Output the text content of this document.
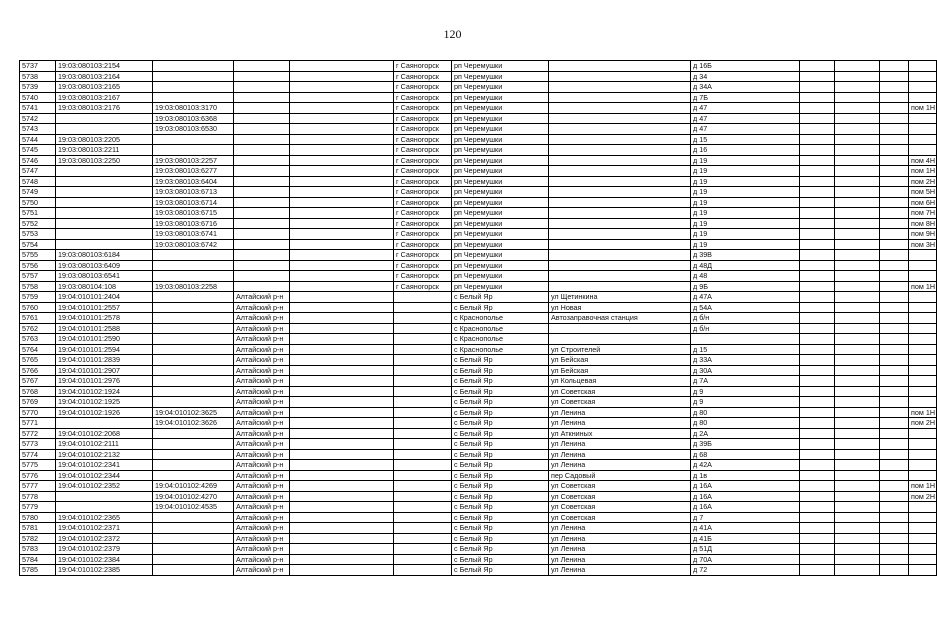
120
5737	19:03:080103:2154				г Саяногорск	рп Черемушки		д 16Б				
5738	19:03:080103:2164				г Саяногорск	рп Черемушки		д 34				
5739	19:03:080103:2165				г Саяногорск	рп Черемушки		д 34А				
5740	19:03:080103:2167				г Саяногорск	рп Черемушки		д 7Б				
5741	19:03:080103:2176	19:03:080103:3170			г Саяногорск	рп Черемушки		д 47				пом 1Н
5742		19:03:080103:6368			г Саяногорск	рп Черемушки		д 47				
5743		19:03:080103:6530			г Саяногорск	рп Черемушки		д 47				
5744	19:03:080103:2205				г Саяногорск	рп Черемушки		д 15				
5745	19:03:080103:2211				г Саяногорск	рп Черемушки		д 16				
5746	19:03:080103:2250	19:03:080103:2257			г Саяногорск	рп Черемушки		д 19				пом 4Н
5747		19:03:080103:6277			г Саяногорск	рп Черемушки		д 19				пом 1Н
5748		19:03:080103:6404			г Саяногорск	рп Черемушки		д 19				пом 2Н
5749		19:03:080103:6713			г Саяногорск	рп Черемушки		д 19				пом 5Н
5750		19:03:080103:6714			г Саяногорск	рп Черемушки		д 19				пом 6Н
5751		19:03:080103:6715			г Саяногорск	рп Черемушки		д 19				пом 7Н
5752		19:03:080103:6716			г Саяногорск	рп Черемушки		д 19				пом 8Н
5753		19:03:080103:6741			г Саяногорск	рп Черемушки		д 19				пом 9Н
5754		19:03:080103:6742			г Саяногорск	рп Черемушки		д 19				пом 3Н
5755	19:03:080103:6184				г Саяногорск	рп Черемушки		д 39В				
5756	19:03:080103:6409				г Саяногорск	рп Черемушки		д 48Д				
5757	19:03:080103:6541				г Саяногорск	рп Черемушки		д 48				
5758	19:03:080104:108	19:03:080103:2258			г Саяногорск	рп Черемушки		д 9Б				пом 1Н
5759	19:04:010101:2404		Алтайский р-н			с Белый Яр	ул Щетинкина	д 47А				
5760	19:04:010101:2557		Алтайский р-н			с Белый Яр	ул Новая	д 54А				
5761	19:04:010101:2578		Алтайский р-н			с Краснополье	Автозаправочная станция	д б/н				
5762	19:04:010101:2588		Алтайский р-н			с Краснополье		д б/н				
5763	19:04:010101:2590		Алтайский р-н			с Краснополье						
5764	19:04:010101:2594		Алтайский р-н			с Краснополье	ул Строителей	д 15				
5765	19:04:010101:2839		Алтайский р-н			с Белый Яр	ул Бейская	д 33А				
5766	19:04:010101:2907		Алтайский р-н			с Белый Яр	ул Бейская	д 30А				
5767	19:04:010101:2976		Алтайский р-н			с Белый Яр	ул Кольцевая	д 7А				
5768	19:04:010102:1924		Алтайский р-н			с Белый Яр	ул Советская	д 9				
5769	19:04:010102:1925		Алтайский р-н			с Белый Яр	ул Советская	д 9				
5770	19:04:010102:1926	19:04:010102:3625	Алтайский р-н			с Белый Яр	ул Ленина	д 80				пом 1Н
5771		19:04:010102:3626	Алтайский р-н			с Белый Яр	ул Ленина	д 80				пом 2Н
5772	19:04:010102:2068		Алтайский р-н			с Белый Яр	ул Аткниных	д 2А				
5773	19:04:010102:2111		Алтайский р-н			с Белый Яр	ул Ленина	д 39Б				
5774	19:04:010102:2132		Алтайский р-н			с Белый Яр	ул Ленина	д 68				
5775	19:04:010102:2341		Алтайский р-н			с Белый Яр	ул Ленина	д 42А				
5776	19:04:010102:2344		Алтайский р-н			с Белый Яр	пер Садовый	д 1в				
5777	19:04:010102:2352	19:04:010102:4269	Алтайский р-н			с Белый Яр	ул Советская	д 16А				пом 1Н
5778		19:04:010102:4270	Алтайский р-н			с Белый Яр	ул Советская	д 16А				пом 2Н
5779		19:04:010102:4535	Алтайский р-н			с Белый Яр	ул Советская	д 16А				
5780	19:04:010102:2365		Алтайский р-н			с Белый Яр	ул Советская	д 7				
5781	19:04:010102:2371		Алтайский р-н			с Белый Яр	ул Ленина	д 41А				
5782	19:04:010102:2372		Алтайский р-н			с Белый Яр	ул Ленина	д 41Б				
5783	19:04:010102:2379		Алтайский р-н			с Белый Яр	ул Ленина	д 51Д				
5784	19:04:010102:2384		Алтайский р-н			с Белый Яр	ул Ленина	д 70А				
5785	19:04:010102:2385		Алтайский р-н			с Белый Яр	ул Ленина	д 72				
